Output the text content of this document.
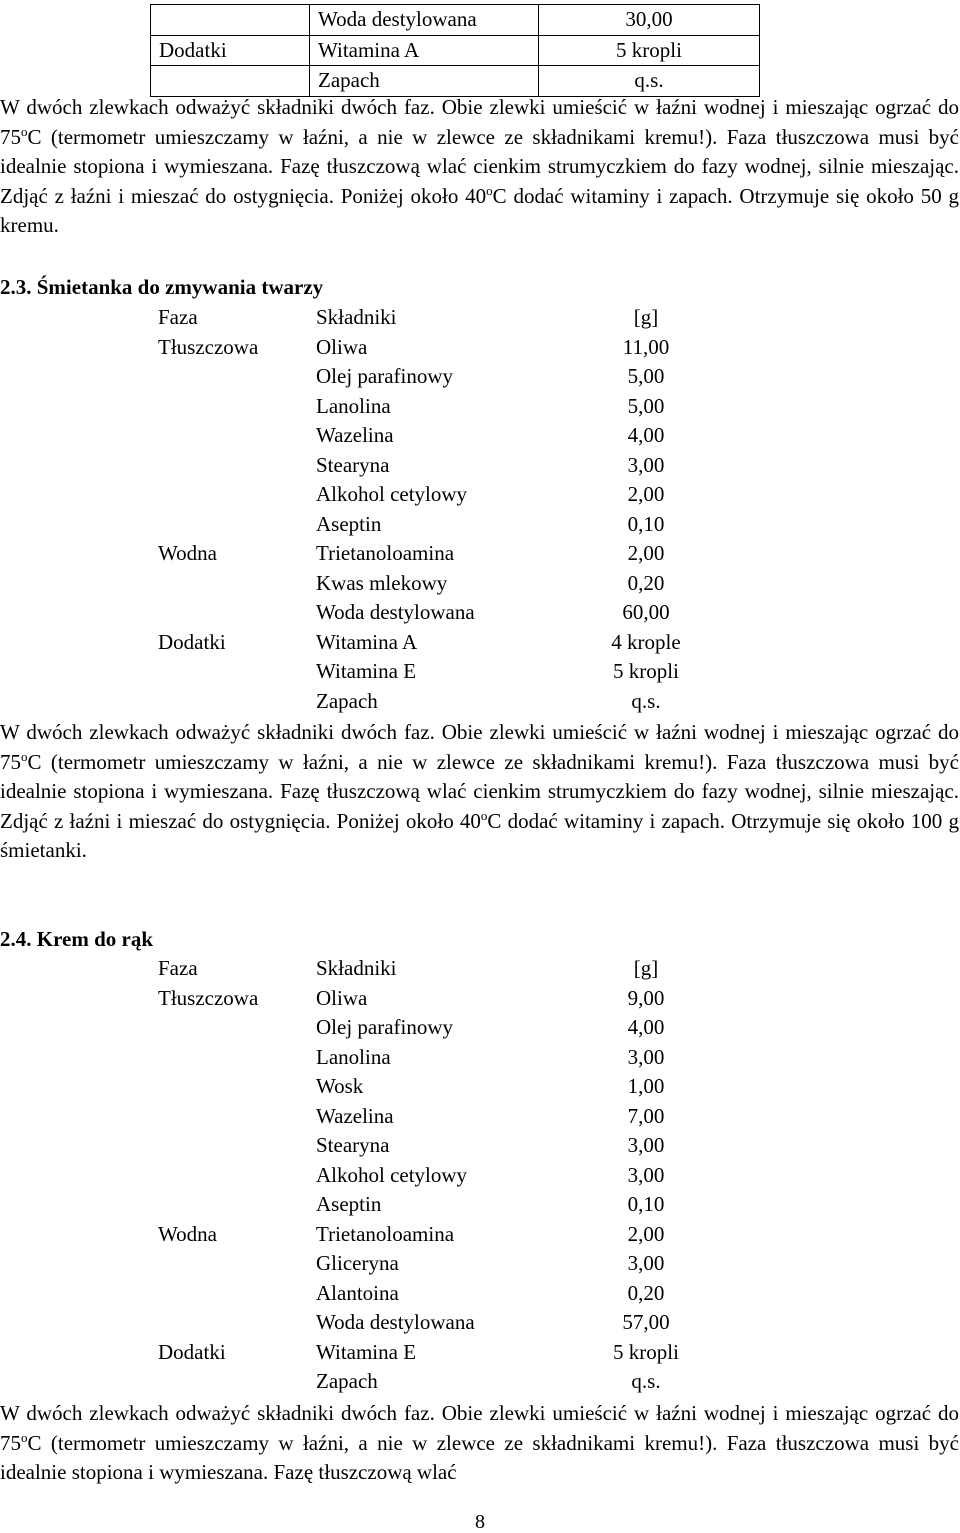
	Woda destylowana	30,00
Dodatki	Witamina A	5 kropli
	Zapach	q.s.
W dwóch zlewkach odważyć składniki dwóch faz. Obie zlewki umieścić w łaźni wodnej i mieszając ogrzać do 75$^o$C (termometr umieszczamy w łaźni, a nie w zlewce ze składnikami kremu!). Faza tłuszczowa musi być idealnie stopiona i wymieszana. Fazę tłuszczową wlać cienkim strumyczkiem do fazy wodnej, silnie mieszając. Zdjąć z łaźni i mieszać do ostygnięcia. Poniżej około 40$^o$C dodać witaminy i zapach. Otrzymuje się około 50 g kremu.
2.3. Śmietanka do zmywania twarzy
Faza	Składniki	[g]
Tłuszczowa	Oliwa	11,00
	Olej parafinowy	5,00
	Lanolina	5,00
	Wazelina	4,00
	Stearyna	3,00
	Alkohol cetylowy	2,00
	Aseptin	0,10
Wodna	Trietanoloamina	2,00
	Kwas mlekowy	0,20
	Woda destylowana	60,00
Dodatki	Witamina A	4 krople
	Witamina E	5 kropli
	Zapach	q.s.
W dwóch zlewkach odważyć składniki dwóch faz. Obie zlewki umieścić w łaźni wodnej i mieszając ogrzać do 75$^o$C (termometr umieszczamy w łaźni, a nie w zlewce ze składnikami kremu!). Faza tłuszczowa musi być idealnie stopiona i wymieszana. Fazę tłuszczową wlać cienkim strumyczkiem do fazy wodnej, silnie mieszając. Zdjąć z łaźni i mieszać do ostygnięcia. Poniżej około 40$^o$C dodać witaminy i zapach. Otrzymuje się około 100 g śmietanki.
2.4. Krem do rąk
Faza	Składniki	[g]
Tłuszczowa	Oliwa	9,00
	Olej parafinowy	4,00
	Lanolina	3,00
	Wosk	1,00
	Wazelina	7,00
	Stearyna	3,00
	Alkohol cetylowy	3,00
	Aseptin	0,10
Wodna	Trietanoloamina	2,00
	Gliceryna	3,00
	Alantoina	0,20
	Woda destylowana	57,00
Dodatki	Witamina E	5 kropli
	Zapach	q.s.
W dwóch zlewkach odważyć składniki dwóch faz. Obie zlewki umieścić w łaźni wodnej i mieszając ogrzać do 75$^o$C (termometr umieszczamy w łaźni, a nie w zlewce ze składnikami kremu!). Faza tłuszczowa musi być idealnie stopiona i wymieszana. Fazę tłuszczową wlać
8
